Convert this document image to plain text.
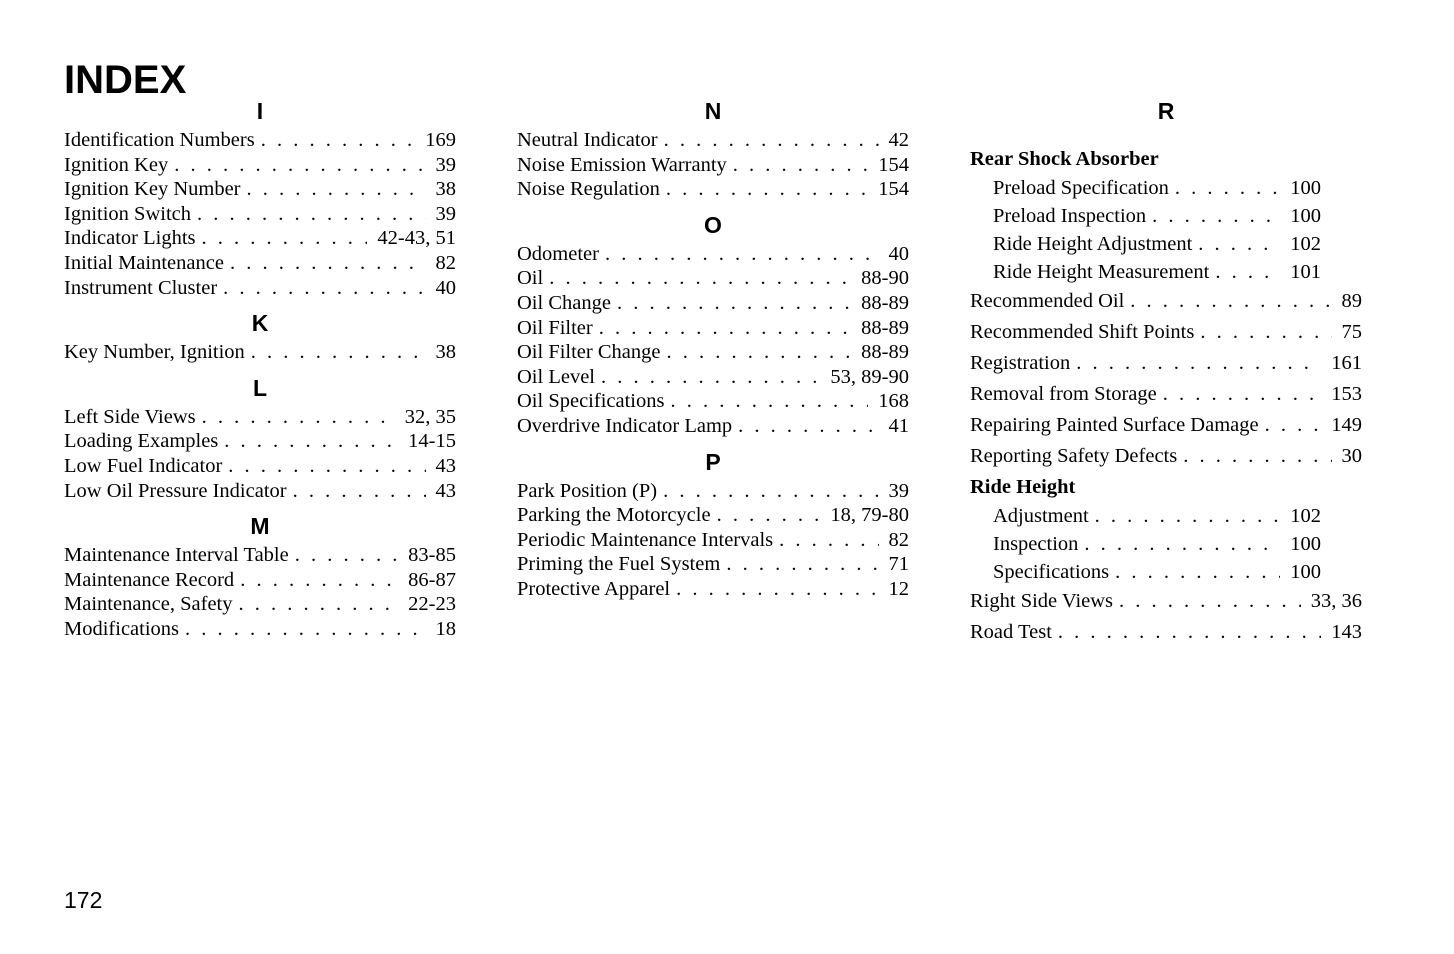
INDEX
I
Identification Numbers . . .	169
Ignition Key . . .	39
Ignition Key Number . . .	38
Ignition Switch . . .	39
Indicator Lights . . .	42-43, 51
Initial Maintenance . . .	82
Instrument Cluster . . .	40
K
Key Number, Ignition . . .	38
L
Left Side Views . . .	32, 35
Loading Examples . . .	14-15
Low Fuel Indicator . . .	43
Low Oil Pressure Indicator . . .	43
M
Maintenance Interval Table . . .	83-85
Maintenance Record . . .	86-87
Maintenance, Safety . . .	22-23
Modifications . . .	18
N
Neutral Indicator . . .	42
Noise Emission Warranty . . .	154
Noise Regulation . . .	154
O
Odometer . . .	40
Oil . . .	88-90
Oil Change . . .	88-89
Oil Filter . . .	88-89
Oil Filter Change . . .	88-89
Oil Level . . .	53, 89-90
Oil Specifications . . .	168
Overdrive Indicator Lamp . . .	41
P
Park Position (P) . . .	39
Parking the Motorcycle . . .	18, 79-80
Periodic Maintenance Intervals . . .	82
Priming the Fuel System . . .	71
Protective Apparel . . .	12
R
Rear Shock Absorber
Preload Specification . . .	100
Preload Inspection . . .	100
Ride Height Adjustment . . .	102
Ride Height Measurement . . .	101
Recommended Oil . . .	89
Recommended Shift Points . . .	75
Registration . . .	161
Removal from Storage . . .	153
Repairing Painted Surface Damage . . .	149
Reporting Safety Defects . . .	30
Ride Height
Adjustment . . .	102
Inspection . . .	100
Specifications . . .	100
Right Side Views . . .	33, 36
Road Test . . .	143
172
